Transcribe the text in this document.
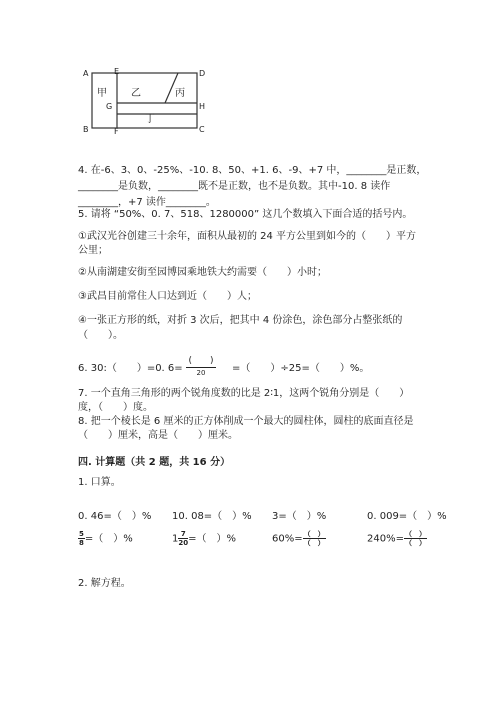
A	E	D
G	H
B	F	C
甲 乙	丙
丁
4. 在-6、3、0、-25%、-10. 8、50、+1. 6、-9、+7 中，________是正数，
________是负数，________既不是正数，也不是负数。其中-10. 8 读作
________，+7 读作________。
5. 请将 “50%、0. 7、518、1280000” 这几个数填入下面合适的括号内。
①武汉光谷创建三十余年，面积从最初的 24 平方公里到如今的（　　）平方
公里；
②从南湖建安街至园博园乘地铁大约需要（　　）小时；
③武昌目前常住人口达到近（　　）人；
④一张正方形的纸，对折 3 次后，把其中 4 份涂色，涂色部分占整张纸的
（　　）。
6. 30:（　　）=0. 6=
(　　)
20	=（　　）÷25=（　　）%。
7. 一个直角三角形的两个锐角度数的比是 2∶1，这两个锐角分别是（　　）
度，（　　）度。
8. 把一个棱长是 6 厘米的正方体削成一个最大的圆柱体，圆柱的底面直径是
（　　）厘米，高是（　　）厘米。
四. 计算题（共 2 题，共 16 分）
1. 口算。
0. 46=（　）% 10. 08=（　）% 3=（　）%	0. 009=（　）%
$\frac{5}{8}$ =（　）%	$1 \frac{7}{20}$ =（　）%	$60\%= \frac{( )}{( )}$	$240\%= \frac{( )}{( )}$
2. 解方程。
